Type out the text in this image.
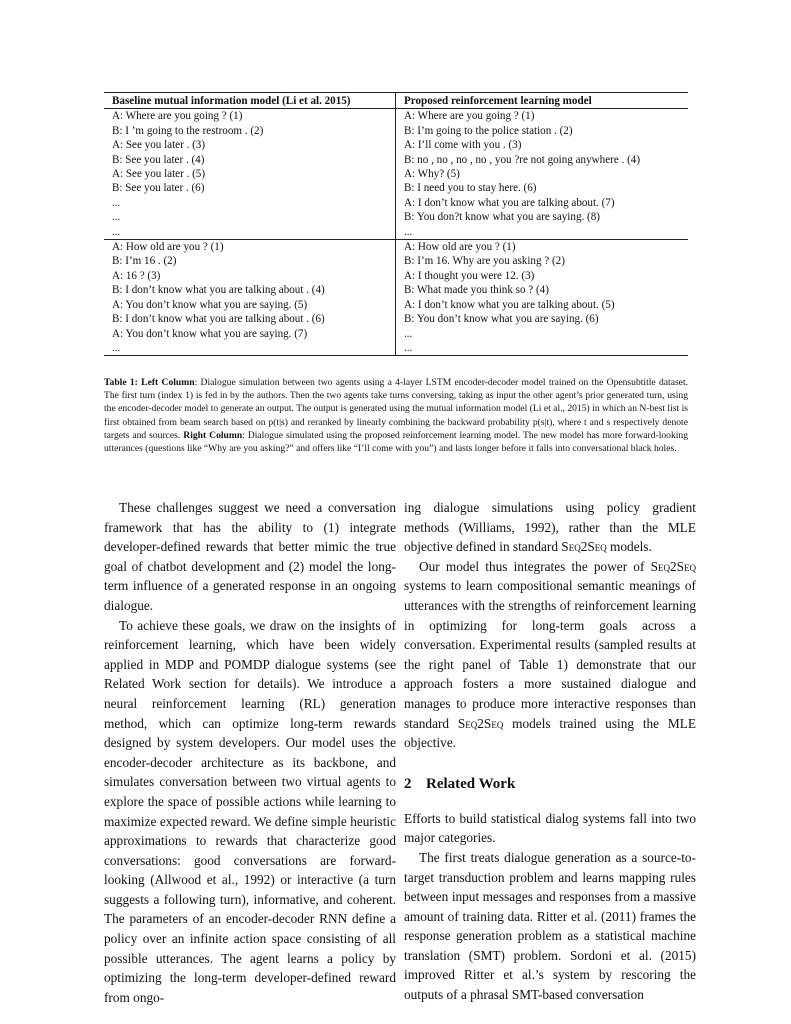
Baseline mutual information model (Li et al. 2015)	Proposed reinforcement learning model
A: Where are you going ? (1)	A: Where are you going ? (1)
B: I ’m going to the restroom . (2)	B: I’m going to the police station . (2)
A: See you later . (3)	A: I’ll come with you . (3)
B: See you later . (4)	B: no , no , no , no , you ?re not going anywhere . (4)
A: See you later . (5)	A: Why? (5)
B: See you later . (6)	B: I need you to stay here. (6)
...	A: I don’t know what you are talking about. (7)
...	B: You don?t know what you are saying. (8)
...	...
A: How old are you ? (1)	A: How old are you ? (1)
B: I’m 16 . (2)	B: I’m 16. Why are you asking ? (2)
A: 16 ? (3)	A: I thought you were 12. (3)
B: I don’t know what you are talking about . (4)	B: What made you think so ? (4)
A: You don’t know what you are saying. (5)	A: I don’t know what you are talking about. (5)
B: I don’t know what you are talking about . (6)	B: You don’t know what you are saying. (6)
A: You don’t know what you are saying. (7)	...
...	...
Table 1: Left Column: Dialogue simulation between two agents using a 4-layer LSTM encoder-decoder model trained on the Opensubtitle dataset. The first turn (index 1) is fed in by the authors. Then the two agents take turns conversing, taking as input the other agent’s prior generated turn, using the encoder-decoder model to generate an output. The output is generated using the mutual information model (Li et al., 2015) in which an N-best list is first obtained from beam search based on p(t|s) and reranked by linearly combining the backward probability p(s|t), where t and s respectively denote targets and sources. Right Column: Dialogue simulated using the proposed reinforcement learning model. The new model has more forward-looking utterances (questions like “Why are you asking?” and offers like “I’ll come with you”) and lasts longer before it falls into conversational black holes.

These challenges suggest we need a conversation framework that has the ability to (1) integrate developer-defined rewards that better mimic the true goal of chatbot development and (2) model the long-term influence of a generated response in an ongoing dialogue.

To achieve these goals, we draw on the insights of reinforcement learning, which have been widely applied in MDP and POMDP dialogue systems (see Related Work section for details). We introduce a neural reinforcement learning (RL) generation method, which can optimize long-term rewards designed by system developers. Our model uses the encoder-decoder architecture as its backbone, and simulates conversation between two virtual agents to explore the space of possible actions while learning to maximize expected reward. We define simple heuristic approximations to rewards that characterize good conversations: good conversations are forward-looking (Allwood et al., 1992) or interactive (a turn suggests a following turn), informative, and coherent. The parameters of an encoder-decoder RNN define a policy over an infinite action space consisting of all possible utterances. The agent learns a policy by optimizing the long-term developer-defined reward from ongo-

ing dialogue simulations using policy gradient methods (Williams, 1992), rather than the MLE objective defined in standard Seq2Seq models.

Our model thus integrates the power of Seq2Seq systems to learn compositional semantic meanings of utterances with the strengths of reinforcement learning in optimizing for long-term goals across a conversation. Experimental results (sampled results at the right panel of Table 1) demonstrate that our approach fosters a more sustained dialogue and manages to produce more interactive responses than standard Seq2Seq models trained using the MLE objective.

2 Related Work

Efforts to build statistical dialog systems fall into two major categories.

The first treats dialogue generation as a source-to-target transduction problem and learns mapping rules between input messages and responses from a massive amount of training data. Ritter et al. (2011) frames the response generation problem as a statistical machine translation (SMT) problem. Sordoni et al. (2015) improved Ritter et al.’s system by rescoring the outputs of a phrasal SMT-based conversation
